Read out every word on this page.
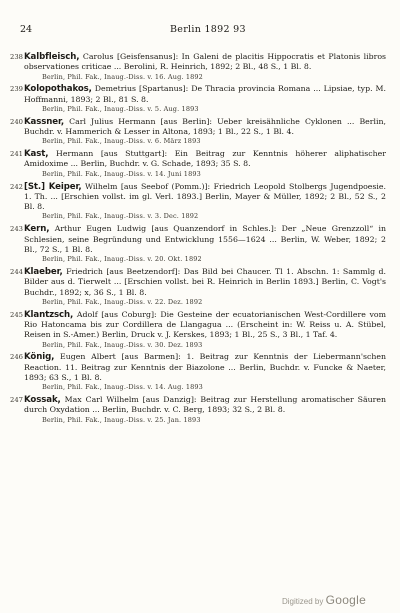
24	Berlin 1892 93
238 Kalbfleisch, Carolus [Geisfensanus]: In Galeni de placitis Hippocratis et Platonis libros observationes criticae ... Berolini, R. Heinrich, 1892; 2 Bl., 48 S., 1 Bl. 8.
Berlin, Phil. Fak., Inaug.-Diss. v. 16. Aug. 1892
239 Kolopothakos, Demetrius [Spartanus]: De Thracia provincia Romana ... Lipsiae, typ. M. Hoffmanni, 1893; 2 Bl., 81 S. 8.
Berlin, Phil. Fak., Inaug.-Diss. v. 5. Aug. 1893
240 Kassner, Carl Julius Hermann [aus Berlin]: Ueber kreisähnliche Cyklonen ... Berlin, Buchdr. v. Hammerich & Lesser in Altona, 1893; 1 Bl., 22 S., 1 Bl. 4.
Berlin, Phil. Fak., Inaug.-Diss. v. 6. März 1893
241 Kast, Hermann [aus Stuttgart]: Ein Beitrag zur Kenntnis höherer aliphatischer Amidoxime ... Berlin, Buchdr. v. G. Schade, 1893; 35 S. 8.
Berlin, Phil. Fak., Inaug.-Diss. v. 14. Juni 1893
242 [St.] Keiper, Wilhelm [aus Seebof (Pomm.)]: Friedrich Leopold Stolbergs Jugendpoesie. 1. Th. ... [Erschien vollst. im gl. Verl. 1893.] Berlin, Mayer & Müller, 1892; 2 Bl., 52 S., 2 Bl. 8.
Berlin, Phil. Fak., Inaug.-Diss. v. 3. Dec. 1892
243 Kern, Arthur Eugen Ludwig [aus Quanzendorf in Schles.]: Der „Neue Grenzzoll“ in Schlesien, seine Begründung und Entwicklung 1556—1624 ... Berlin, W. Weber, 1892; 2 Bl., 72 S., 1 Bl. 8.
Berlin, Phil. Fak., Inaug.-Diss. v. 20. Okt. 1892
244 Klaeber, Friedrich [aus Beetzendorf]: Das Bild bei Chaucer. Tl 1. Abschn. 1: Sammlg d. Bilder aus d. Tierwelt ... [Erschien vollst. bei R. Heinrich in Berlin 1893.] Berlin, C. Vogt's Buchdr., 1892; x, 36 S., 1 Bl. 8.
Berlin, Phil. Fak., Inaug.-Diss. v. 22. Dez. 1892
245 Klantzsch, Adolf [aus Coburg]: Die Gesteine der ecuatorianischen West-Cordillere vom Rio Hatoncama bis zur Cordillera de Llangagua ... (Erscheint in: W. Reiss u. A. Stübel, Reisen in S.-Amer.) Berlin, Druck v. J. Kerskes, 1893; 1 Bl., 25 S., 3 Bl., 1 Taf. 4.
Berlin, Phil. Fak., Inaug.-Diss. v. 30. Dez. 1893
246 König, Eugen Albert [aus Barmen]: 1. Beitrag zur Kenntnis der Liebermann'schen Reaction. 11. Beitrag zur Kenntnis der Biazolone ... Berlin, Buchdr. v. Funcke & Naeter, 1893; 63 S., 1 Bl. 8.
Berlin, Phil. Fak., Inaug.-Diss. v. 14. Aug. 1893
247 Kossak, Max Carl Wilhelm [aus Danzig]: Beitrag zur Herstellung aromatischer Säuren durch Oxydation ... Berlin, Buchdr. v. C. Berg, 1893; 32 S., 2 Bl. 8.
Berlin, Phil. Fak., Inaug.-Diss. v. 25. Jan. 1893
Digitized by Google
